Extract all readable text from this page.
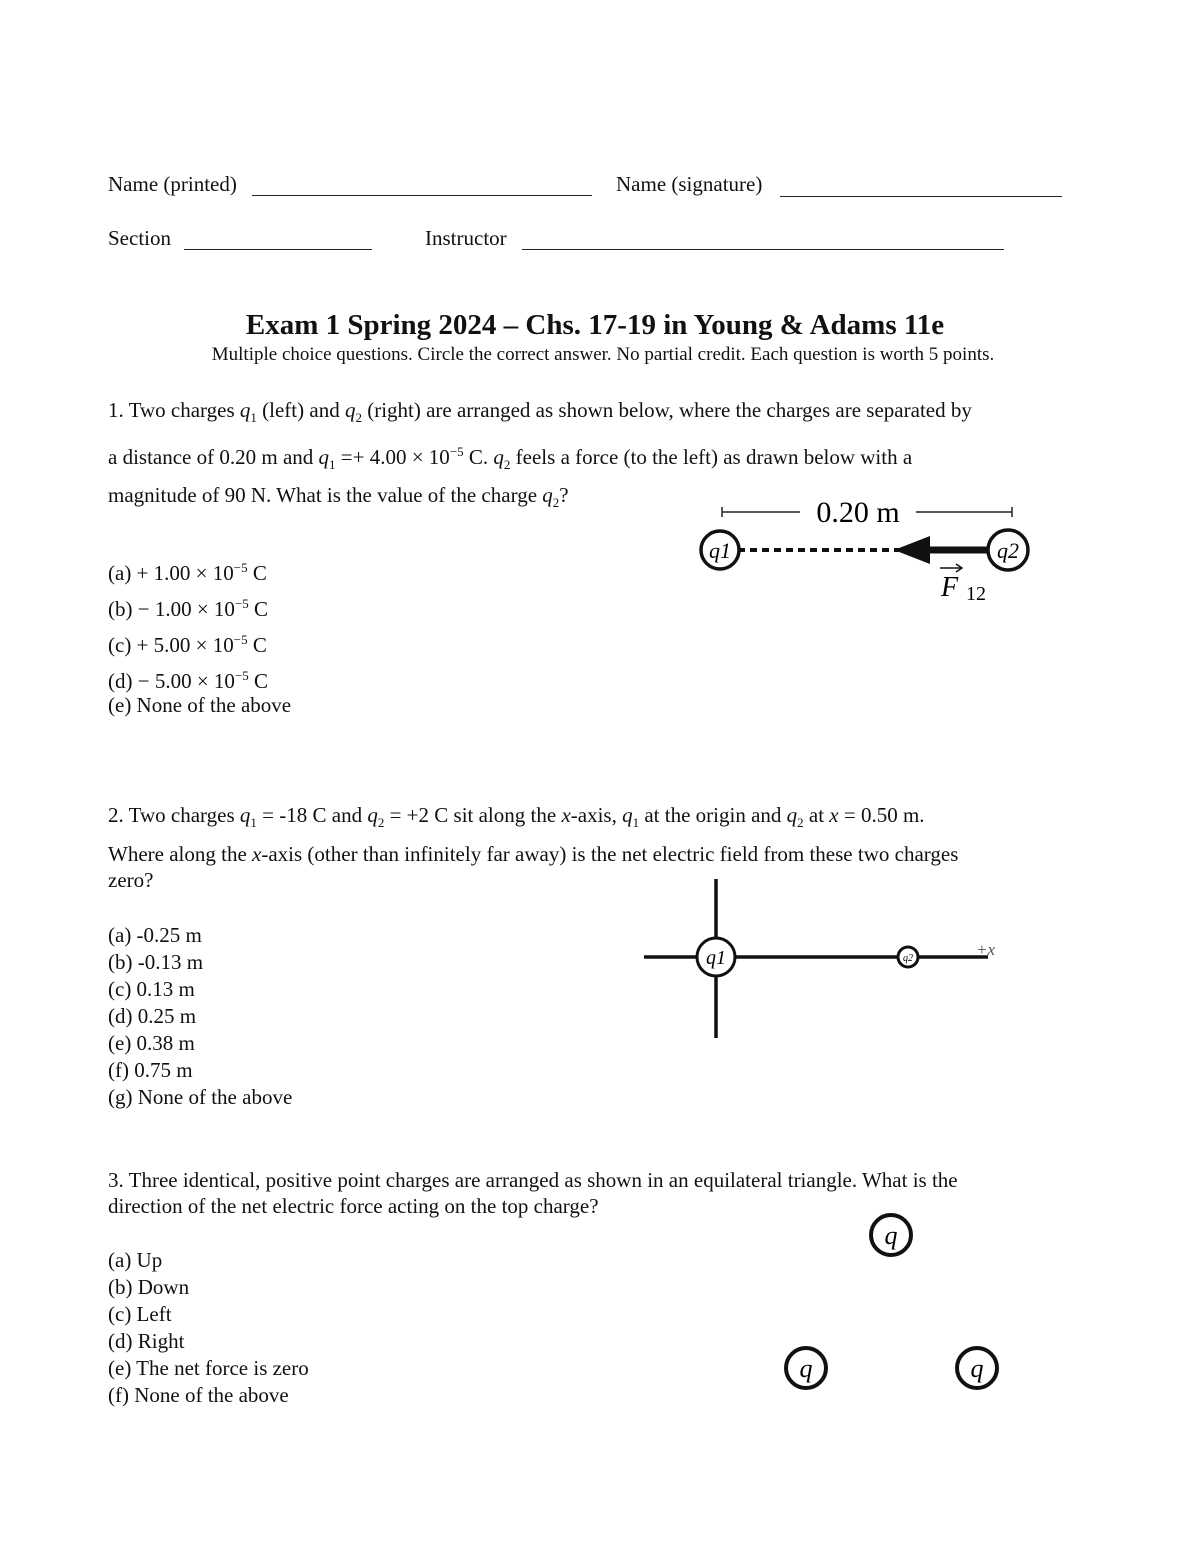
Name (printed)	Name (signature)
Section	Instructor
Exam 1 Spring 2024 – Chs. 17-19 in Young & Adams 11e
Multiple choice questions. Circle the correct answer. No partial credit. Each question is worth 5 points.
1. Two charges $q_1$ (left) and $q_2$ (right) are arranged as shown below, where the charges are separated by
a distance of 0.20 m and $q_1 =+ 4.00 \times 10^{-5}$ C. $q_2$ feels a force (to the left) as drawn below with a
magnitude of 90 N. What is the value of the charge $q_2$?
$(a) + 1.00 \times 10^{-5}$ C
$(b) - 1.00 \times 10^{-5}$ C
$(c) + 5.00 \times 10^{-5}$ C
$(d) - 5.00 \times 10^{-5}$ C
(e) None of the above
0.20 m
q1	q2
F 12
2. Two charges $q_1 = -18$ C and $q_2 = +2$ C sit along the x-axis, $q_1$ at the origin and $q_2$ at x = 0.50 m.
Where along the x-axis (other than infinitely far away) is the net electric field from these two charges
zero?
(a) -0.25 m
(b) -0.13 m
(c) 0.13 m
(d) 0.25 m
(e) 0.38 m
(f) 0.75 m
(g) None of the above
q1	q2	+x
3. Three identical, positive point charges are arranged as shown in an equilateral triangle. What is the
direction of the net electric force acting on the top charge?
(a) Up
(b) Down
(c) Left
(d) Right
(e) The net force is zero
(f) None of the above
q
q	q
